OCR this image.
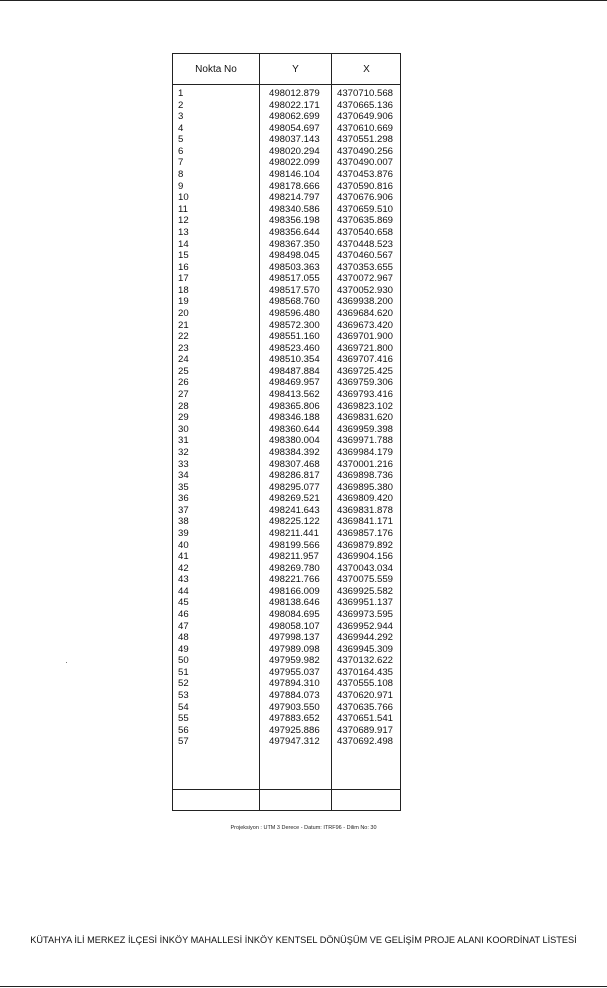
Nokta No	Y	X
1	498012.879 4370710.568
2	498022.171 4370665.136
3	498062.699 4370649.906
4	498054.697 4370610.669
5	498037.143 4370551.298
6	498020.294 4370490.256
7	498022.099 4370490.007
8	498146.104 4370453.876
9	498178.666 4370590.816
10	498214.797 4370676.906
11	498340.586 4370659.510
12	498356.198 4370635.869
13	498356.644 4370540.658
14	498367.350 4370448.523
15	498498.045 4370460.567
16	498503.363 4370353.655
17	498517.055 4370072.967
18	498517.570 4370052.930
19	498568.760 4369938.200
20	498596.480 4369684.620
21	498572.300 4369673.420
22	498551.160 4369701.900
23	498523.460 4369721.800
24	498510.354 4369707.416
25	498487.884 4369725.425
26	498469.957 4369759.306
27	498413.562 4369793.416
28	498365.806 4369823.102
29	498346.188 4369831.620
30	498360.644 4369959.398
31	498380.004 4369971.788
32	498384.392 4369984.179
33	498307.468 4370001.216
34	498286.817 4369898.736
35	498295.077 4369895.380
36	498269.521 4369809.420
37	498241.643 4369831.878
38	498225.122 4369841.171
39	498211.441 4369857.176
40	498199.566 4369879.892
41	498211.957 4369904.156
42	498269.780 4370043.034
43	498221.766 4370075.559
44	498166.009 4369925.582
45	498138.646 4369951.137
46	498084.695 4369973.595
47	498058.107 4369952.944
48	497998.137 4369944.292
49	497989.098 4369945.309
50	497959.982 4370132.622
51	497955.037 4370164.435
52	497894.310 4370555.108
53	497884.073 4370620.971
54	497903.550 4370635.766
55	497883.652 4370651.541
56	497925.886 4370689.917
57	497947.312 4370692.498
Projeksiyon : UTM 3 Derece - Datum: ITRF96 - Dilim No: 30
KÜTAHYA İLİ MERKEZ İLÇESİ İNKÖY MAHALLESİ İNKÖY KENTSEL DÖNÜŞÜM VE GELİŞİM PROJE ALANI KOORDİNAT LİSTESİ
